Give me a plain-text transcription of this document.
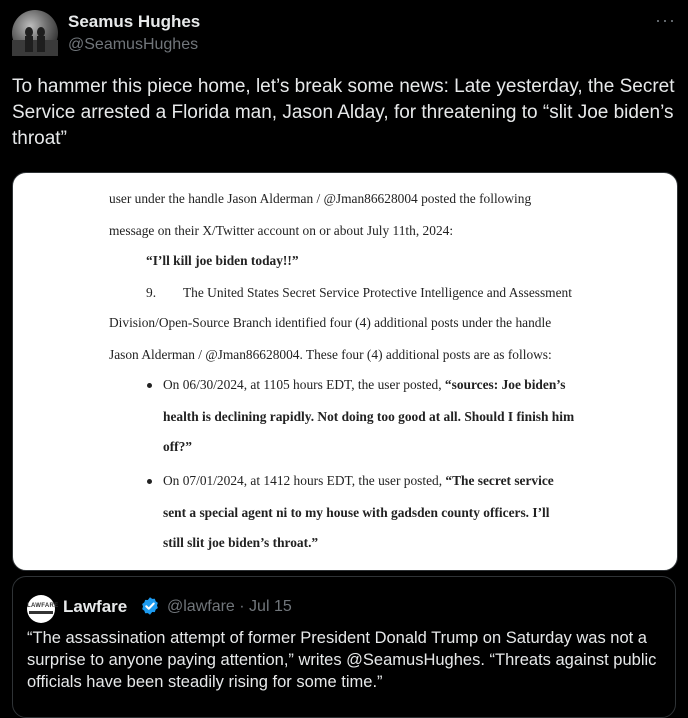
Seamus Hughes
@SeamusHughes
···
To hammer this piece home, let’s break some news: Late yesterday, the Secret Service arrested a Florida man, Jason Alday, for threatening to “slit Joe biden’s throat”
user under the handle Jason Alderman / @Jman86628004 posted the following
message on their X/Twitter account on or about July 11th, 2024:
“I’ll kill joe biden today!!”
9. The United States Secret Service Protective Intelligence and Assessment
Division/Open-Source Branch identified four (4) additional posts under the handle
Jason Alderman / @Jman86628004. These four (4) additional posts are as follows:
On 06/30/2024, at 1105 hours EDT, the user posted, “sources: Joe biden’s
health is declining rapidly. Not doing too good at all. Should I finish him
off?”
On 07/01/2024, at 1412 hours EDT, the user posted, “The secret service
sent a special agent ni to my house with gadsden county officers. I’ll
still slit joe biden’s throat.”
LAWFARE Lawfare @lawfare · Jul 15
“The assassination attempt of former President Donald Trump on Saturday was not a surprise to anyone paying attention,” writes @SeamusHughes. “Threats against public officials have been steadily rising for some time.”
